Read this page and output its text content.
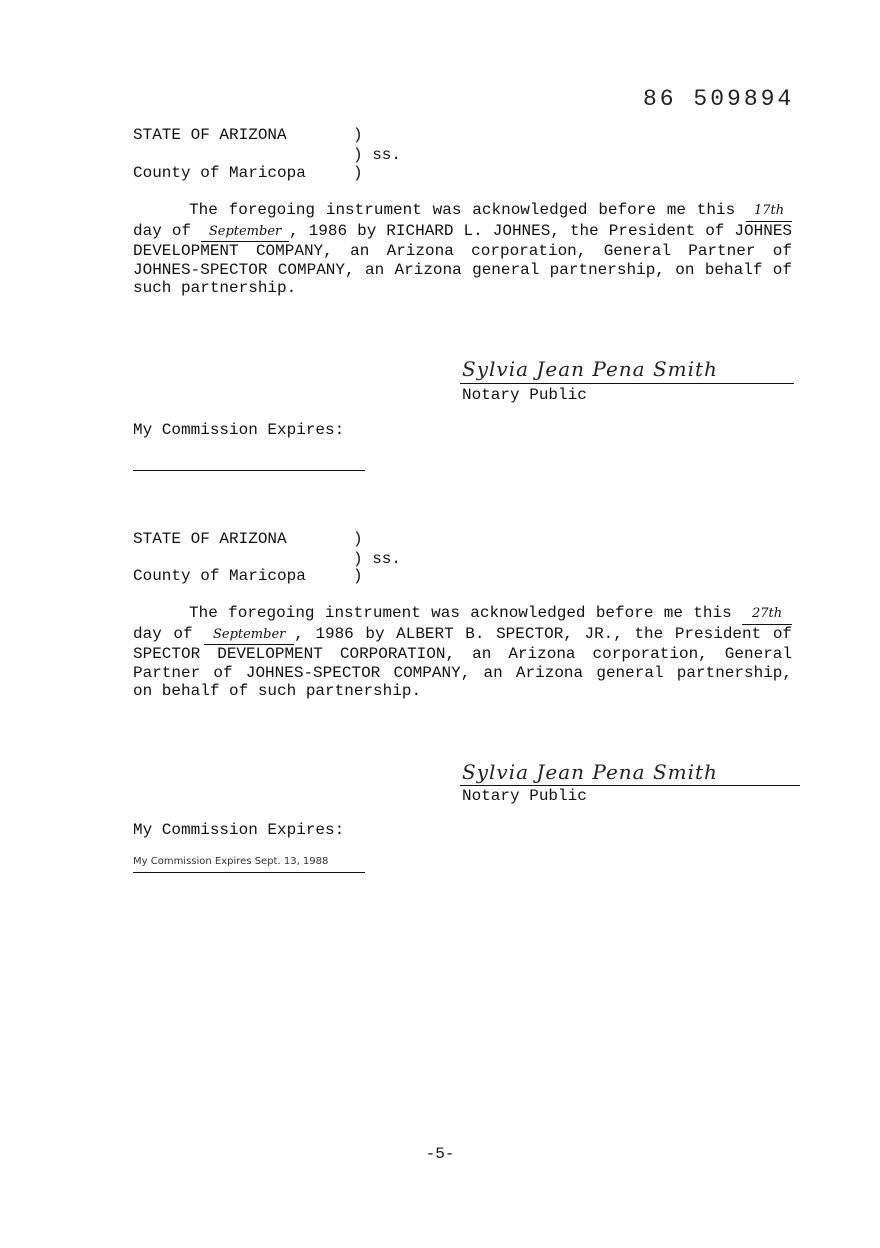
86 509894
STATE OF ARIZONA	)
) ss.
County of Maricopa	)

The foregoing instrument was acknowledged before me this 17th day of September , 1986 by RICHARD L. JOHNES, the President of JOHNES DEVELOPMENT COMPANY, an Arizona corporation, General Partner of JOHNES-SPECTOR COMPANY, an Arizona general partnership, on behalf of such partnership.

Sylvia Jean Pena Smith
Notary Public
My Commission Expires:
STATE OF ARIZONA	)
) ss.
County of Maricopa	)

The foregoing instrument was acknowledged before me this 27th day of September , 1986 by ALBERT B. SPECTOR, JR., the President of SPECTOR DEVELOPMENT CORPORATION, an Arizona corporation, General Partner of JOHNES-SPECTOR COMPANY, an Arizona general partnership, on behalf of such partnership.

Sylvia Jean Pena Smith
Notary Public
My Commission Expires:
My Commission Expires Sept. 13, 1988
-5-
